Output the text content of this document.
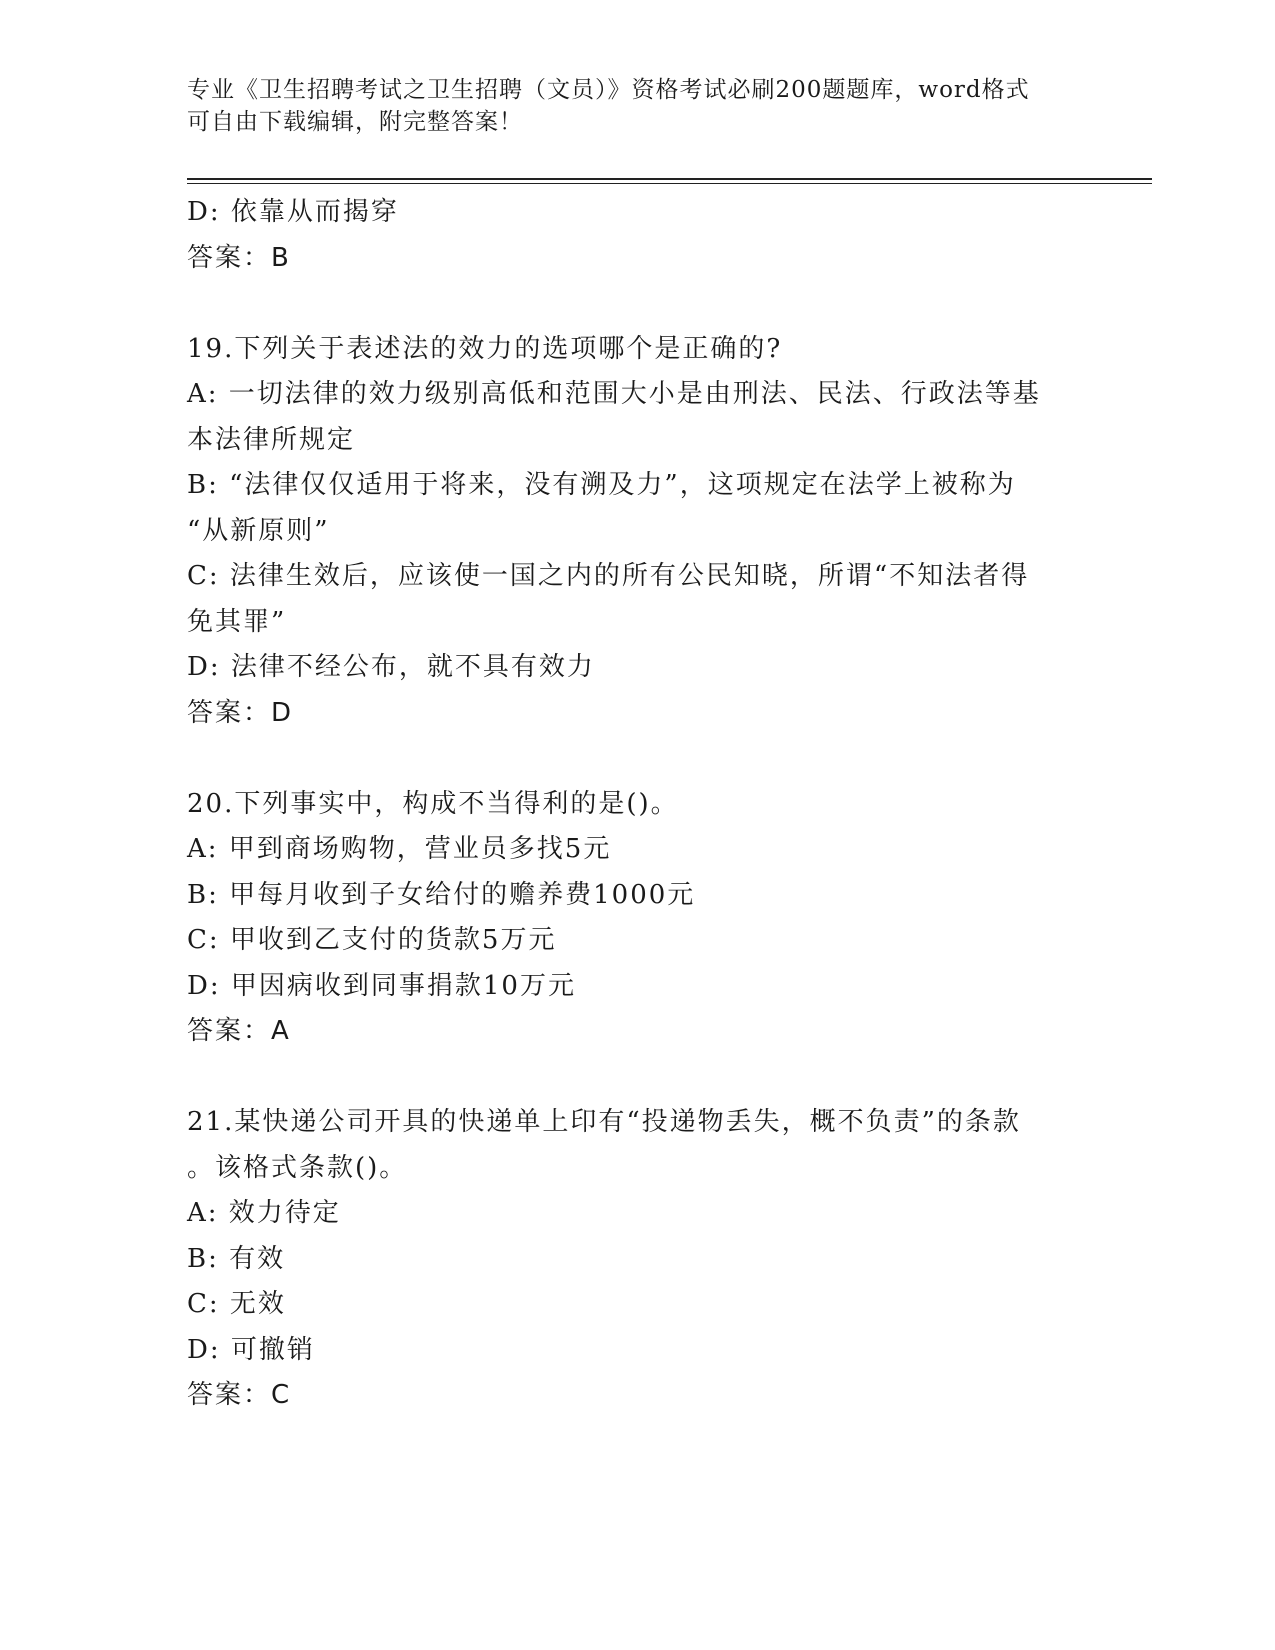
专业《卫生招聘考试之卫生招聘（文员）》资格考试必刷200题题库，word格式
可自由下载编辑，附完整答案！
D: 依靠从而揭穿
答案：B
19.下列关于表述法的效力的选项哪个是正确的?
A: 一切法律的效力级别高低和范围大小是由刑法、民法、行政法等基
本法律所规定
B: “法律仅仅适用于将来，没有溯及力”，这项规定在法学上被称为
“从新原则”
C: 法律生效后，应该使一国之内的所有公民知晓，所谓“不知法者得
免其罪”
D: 法律不经公布，就不具有效力
答案：D
20.下列事实中，构成不当得利的是()。
A: 甲到商场购物，营业员多找5元
B: 甲每月收到子女给付的赡养费1000元
C: 甲收到乙支付的货款5万元
D: 甲因病收到同事捐款10万元
答案：A
21.某快递公司开具的快递单上印有“投递物丢失，概不负责”的条款
。该格式条款()。
A: 效力待定
B: 有效
C: 无效
D: 可撤销
答案：C
